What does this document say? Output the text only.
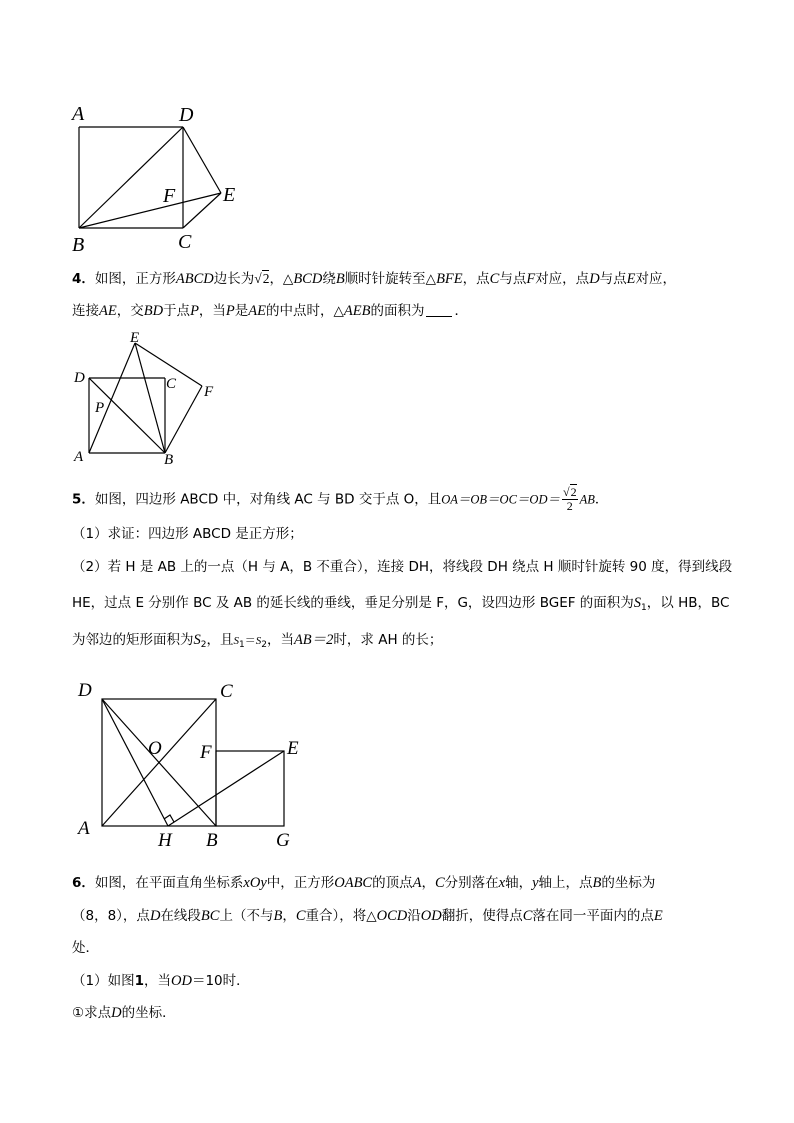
A	D
F E
B	C
4．如图，正方形ABCD边长为√2，△BCD绕B顺时针旋转至△BFE，点C与点F对应，点D与点E对应，
连接AE，交BD于点P，当P是AE的中点时，△AEB的面积为 ．
E
D	C F
P
A	B
5．如图，四边形 ABCD 中，对角线 AC 与 BD 交于点 O，且$OA=OB=OC=OD= \frac{√2}{2}$ AB．
（1）求证：四边形 ABCD 是正方形；
（2）若 H 是 AB 上的一点（H 与 A，B 不重合），连接 DH，将线段 DH 绕点 H 顺时针旋转 90 度，得到线段
HE，过点 E 分别作 BC 及 AB 的延长线的垂线，垂足分别是 F，G，设四边形 BGEF 的面积为$S_1$，以 HB，BC
为邻边的矩形面积为$S_2$，且$S_1=S_2$，当AB＝2时，求 AH 的长；
D	C
O F	E
A
H B	G
6．如图，在平面直角坐标系xOy中，正方形OABC的顶点A，C分别落在x轴，y轴上，点B的坐标为
（8，8），点D在线段BC上（不与B，C重合），将△OCD沿OD翻折，使得点C落在同一平面内的点E
处．
（1）如图1，当OD＝10时．
①求点D的坐标．
